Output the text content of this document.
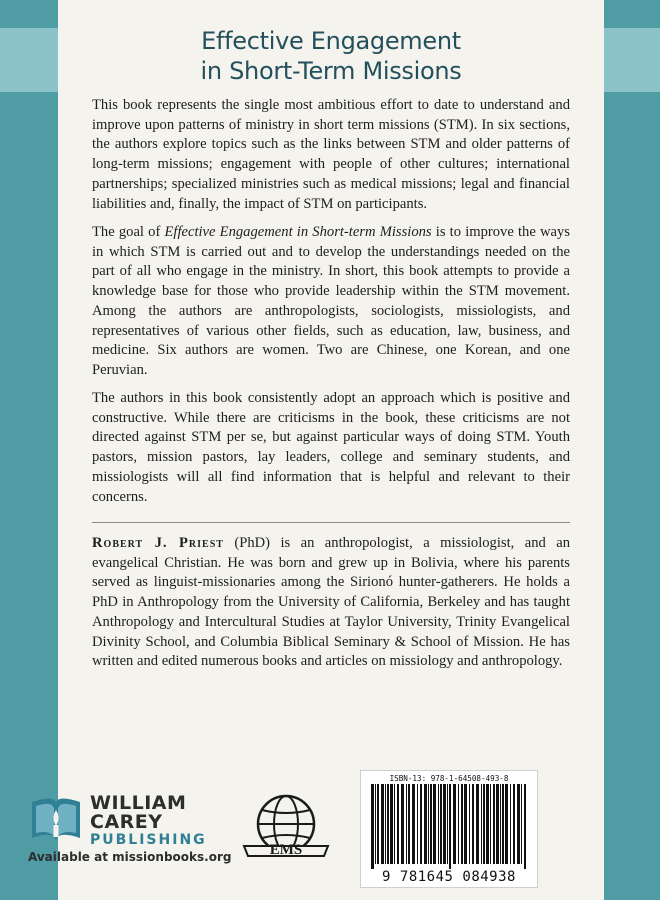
Effective Engagement
in Short-Term Missions

This book represents the single most ambitious effort to date to understand and improve upon patterns of ministry in short term missions (STM). In six sections, the authors explore topics such as the links between STM and older patterns of long-term missions; engagement with people of other cultures; international partnerships; specialized ministries such as medical missions; legal and financial liabilities and, finally, the impact of STM on participants.

The goal of Effective Engagement in Short-term Missions is to improve the ways in which STM is carried out and to develop the understandings needed on the part of all who engage in the ministry. In short, this book attempts to provide a knowledge base for those who provide leadership within the STM movement. Among the authors are anthropologists, sociologists, missiologists, and representatives of various other fields, such as education, law, business, and medicine. Six authors are women. Two are Chinese, one Korean, and one Peruvian.

The authors in this book consistently adopt an approach which is positive and constructive. While there are criticisms in the book, these criticisms are not directed against STM per se, but against particular ways of doing STM. Youth pastors, mission pastors, lay leaders, college and seminary students, and missiologists will all find information that is helpful and relevant to their concerns.

Robert J. Priest (PhD) is an anthropologist, a missiologist, and an evangelical Christian. He was born and grew up in Bolivia, where his parents served as linguist-missionaries among the Sirionó hunter-gatherers. He holds a PhD in Anthropology from the University of California, Berkeley and has taught Anthropology and Intercultural Studies at Taylor University, Trinity Evangelical Divinity School, and Columbia Biblical Seminary & School of Mission. He has written and edited numerous books and articles on missiology and anthropology.

WILLIAM
CAREY
PUBLISHING
Available at missionbooks.org	EMS
ISBN-13: 978-1-64508-493-8
9 781645 084938
